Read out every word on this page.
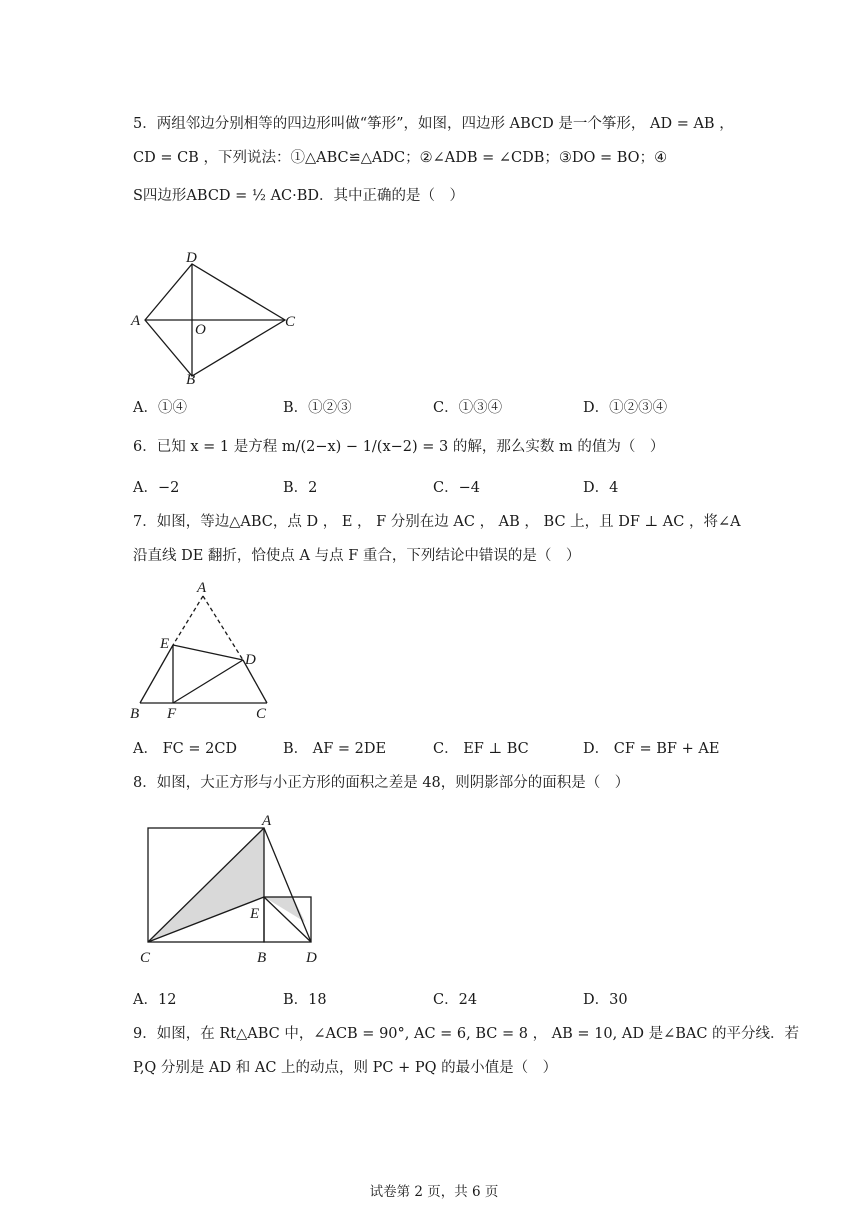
5．两组邻边分别相等的四边形叫做“筝形”，如图，四边形 ABCD 是一个筝形， AD = AB ，
CD = CB ，下列说法：①△ABC≌△ADC；②∠ADB = ∠CDB；③DO = BO；④
S四边形ABCD = ½ AC·BD．其中正确的是（　）
D
A
O	C
B
A．①④	B．①②③	C．①③④	D．①②③④
6．已知 x = 1 是方程 m/(2−x) − 1/(x−2) = 3 的解，那么实数 m 的值为（　）
A．−2	B．2	C．−4	D．4
7．如图，等边△ABC，点 D ， E ， F 分别在边 AC ， AB ， BC 上，且 DF ⊥ AC ，将∠A
沿直线 DE 翻折，恰使点 A 与点 F 重合，下列结论中错误的是（　）
A
E
D
B F	C
A． FC = 2CD	B． AF = 2DE	C． EF ⊥ BC	D． CF = BF + AE
8．如图，大正方形与小正方形的面积之差是 48，则阴影部分的面积是（　）
A
E
C	B	D
A．12	B．18	C．24	D．30
9．如图，在 Rt△ABC 中，∠ACB = 90°, AC = 6, BC = 8 ， AB = 10, AD 是∠BAC 的平分线．若
P,Q 分别是 AD 和 AC 上的动点，则 PC + PQ 的最小值是（　）
试卷第 2 页，共 6 页
